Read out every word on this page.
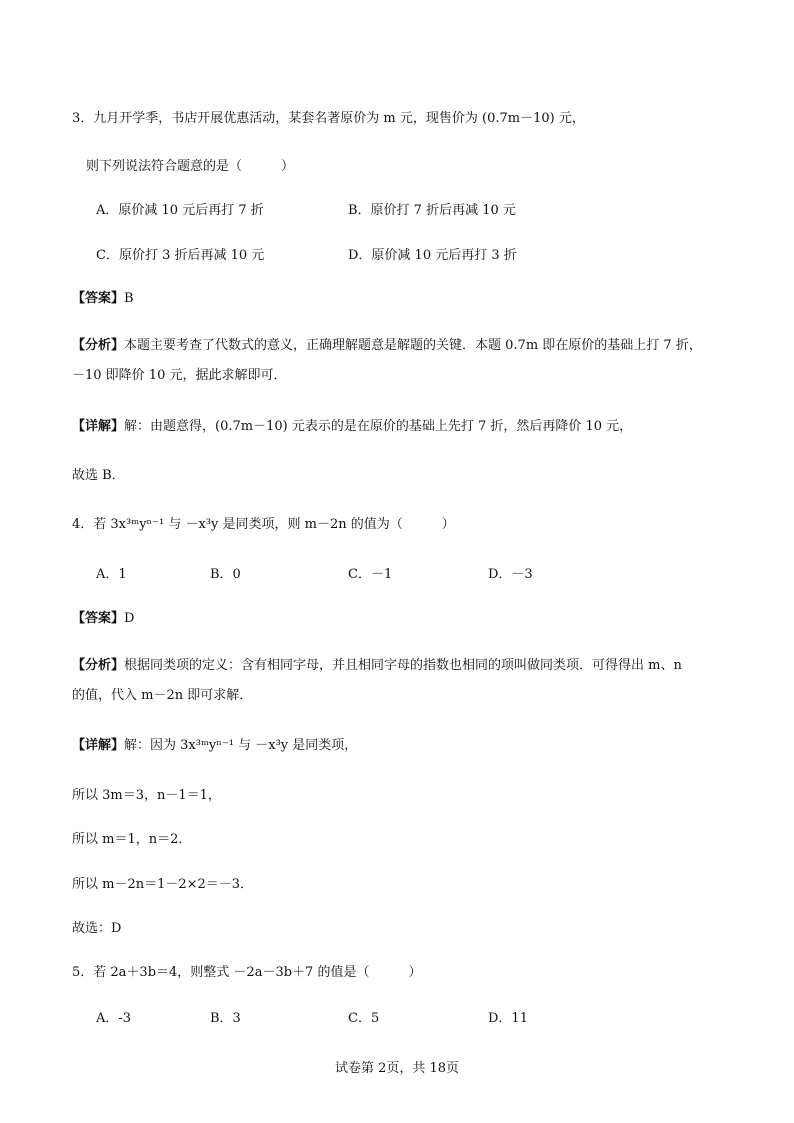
3．九月开学季，书店开展优惠活动，某套名著原价为 m 元，现售价为 (0.7m－10) 元，
则下列说法符合题意的是（　　　）
A．原价减 10 元后再打 7 折	B．原价打 7 折后再减 10 元
C．原价打 3 折后再减 10 元	D．原价减 10 元后再打 3 折
【答案】B
【分析】本题主要考查了代数式的意义，正确理解题意是解题的关键．本题 0.7m 即在原价的基础上打 7 折，
－10 即降价 10 元，据此求解即可．
【详解】解：由题意得，(0.7m－10) 元表示的是在原价的基础上先打 7 折，然后再降价 10 元，
故选 B．
4．若 3x³ᵐyⁿ⁻¹ 与 －x³y 是同类项，则 m－2n 的值为（　　　）
A．1	B．0	C．－1	D．－3
【答案】D
【分析】根据同类项的定义：含有相同字母，并且相同字母的指数也相同的项叫做同类项．可得得出 m、n
的值，代入 m－2n 即可求解．
【详解】解：因为 3x³ᵐyⁿ⁻¹ 与 －x³y 是同类项，
所以 3m＝3，n－1＝1，
所以 m＝1，n＝2．
所以 m－2n＝1－2×2＝－3．
故选：D
5．若 2a＋3b＝4，则整式 －2a－3b＋7 的值是（　　　）
A．-3	B．3	C．5	D．11
试卷第 2页，共 18页
